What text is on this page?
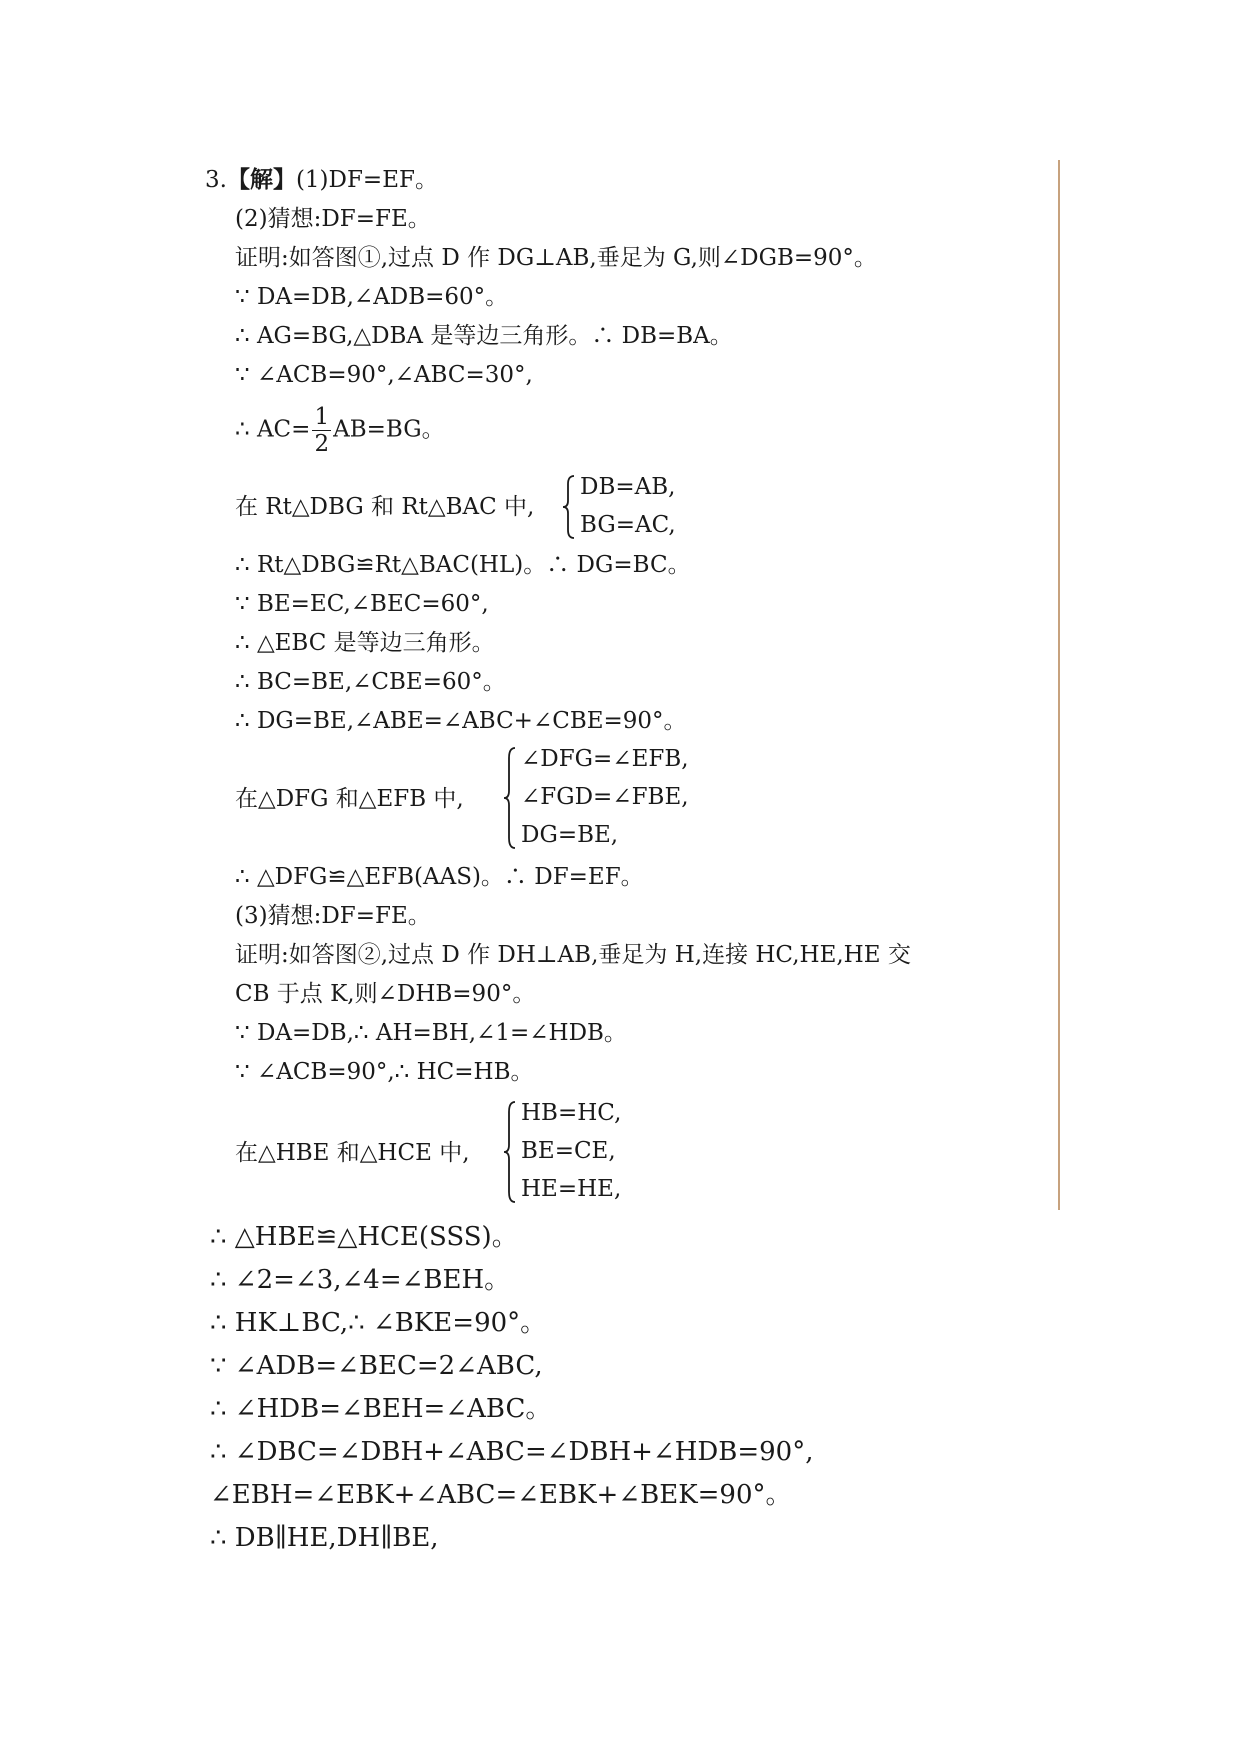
3.【解】(1)DF=EF。
(2)猜想:DF=FE。
证明:如答图①,过点 D 作 DG⊥AB,垂足为 G,则∠DGB=90°。
∵ DA=DB,∠ADB=60°。
∴ AG=BG,△DBA 是等边三角形。∴ DB=BA。
∵ ∠ACB=90°,∠ABC=30°,
∴ $AC= \frac{1}{2} AB=BG$。
在 Rt△DBG 和 Rt△BAC 中,
DB=AB,
BG=AC,
∴ Rt△DBG≌Rt△BAC(HL)。∴ DG=BC。
∵ BE=EC,∠BEC=60°,
∴ △EBC 是等边三角形。
∴ BC=BE,∠CBE=60°。
∴ DG=BE,∠ABE=∠ABC+∠CBE=90°。
在△DFG 和△EFB 中,
∠DFG=∠EFB,
∠FGD=∠FBE,
DG=BE,
∴ △DFG≌△EFB(AAS)。∴ DF=EF。
(3)猜想:DF=FE。
证明:如答图②,过点 D 作 DH⊥AB,垂足为 H,连接 HC,HE,HE 交
CB 于点 K,则∠DHB=90°。
∵ DA=DB,∴ AH=BH,∠1=∠HDB。
∵ ∠ACB=90°,∴ HC=HB。
在△HBE 和△HCE 中,
HB=HC,
BE=CE,
HE=HE,
∴ △HBE≌△HCE(SSS)。
∴ ∠2=∠3,∠4=∠BEH。
∴ HK⊥BC,∴ ∠BKE=90°。
∵ ∠ADB=∠BEC=2∠ABC,
∴ ∠HDB=∠BEH=∠ABC。
∴ ∠DBC=∠DBH+∠ABC=∠DBH+∠HDB=90°,
∠EBH=∠EBK+∠ABC=∠EBK+∠BEK=90°。
∴ DB∥HE,DH∥BE,
